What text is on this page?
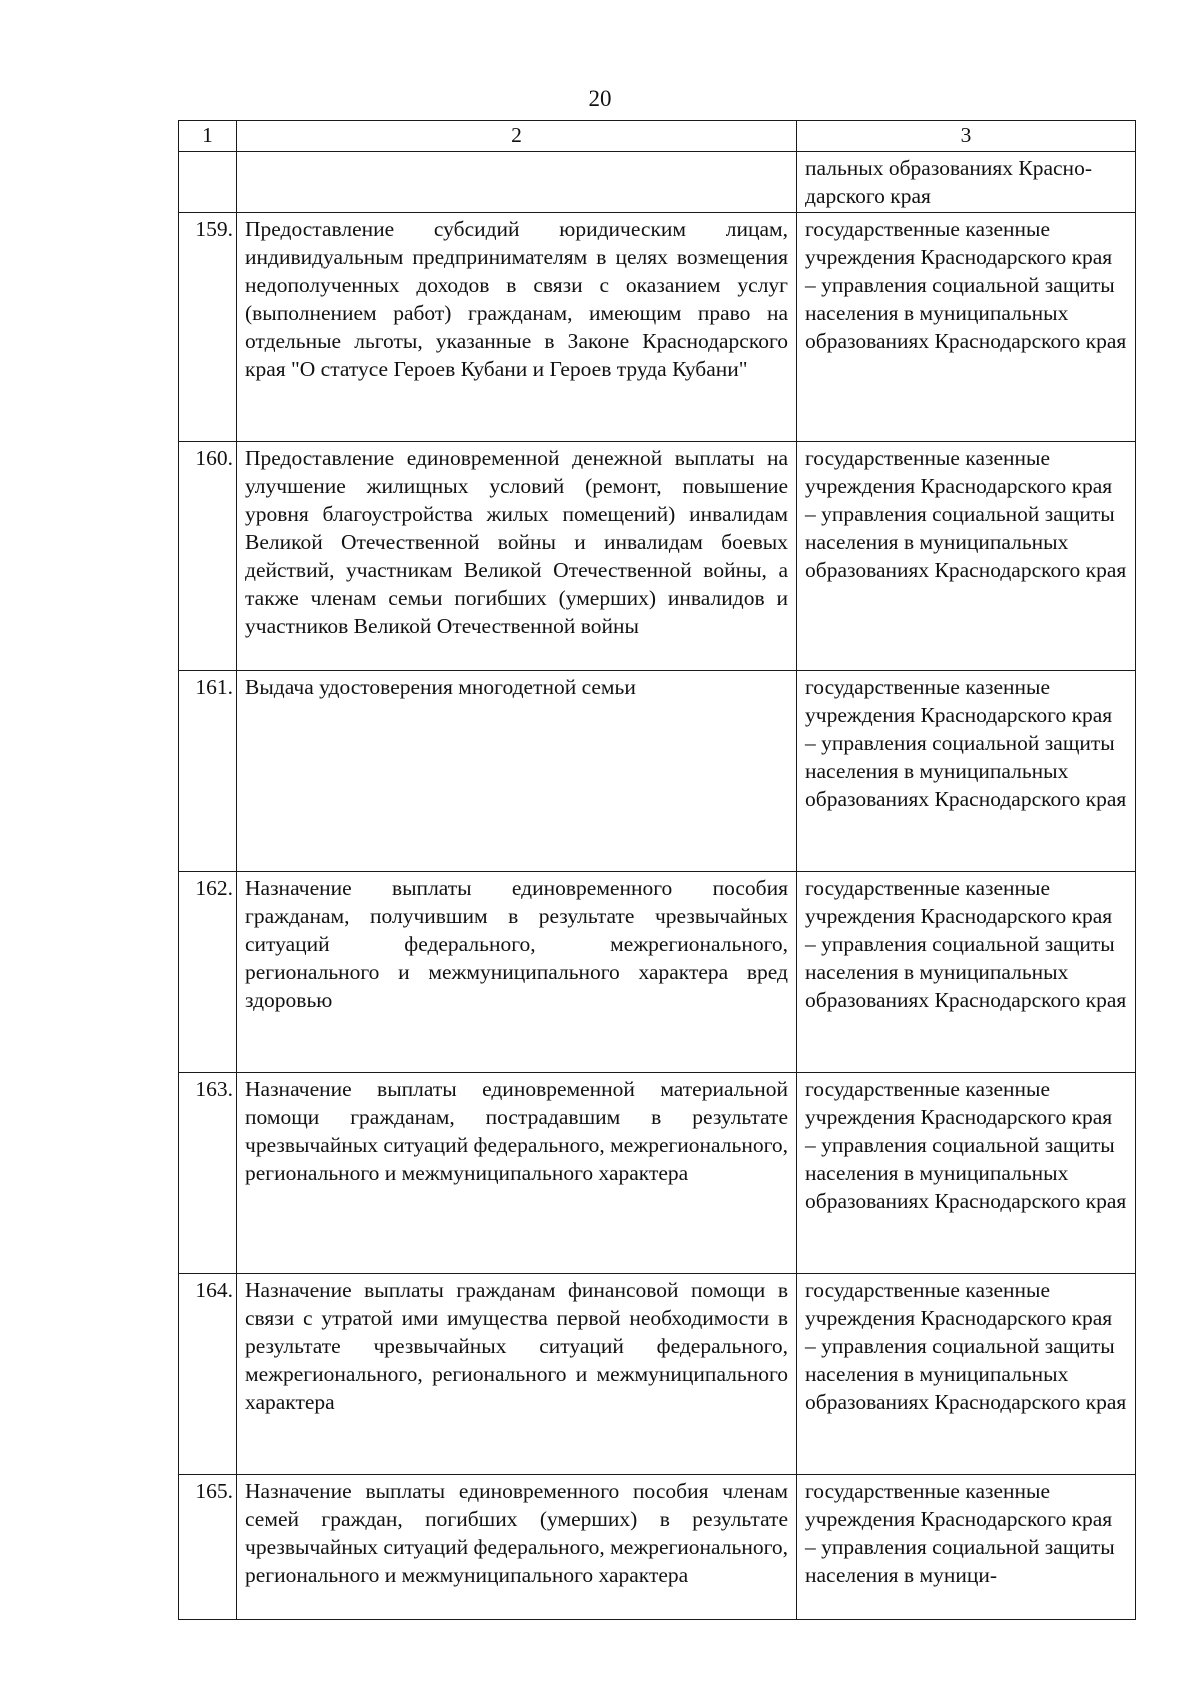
20
1	2	3
		пальных образованиях Красно-дарского края
159.	Предоставление субсидий юридическим лицам, индивидуальным предпринимателям в целях возмещения недополученных доходов в связи с оказанием услуг (выполнением работ) гражданам, имеющим право на отдельные льготы, указанные в Законе Краснодарского края "О статусе Героев Кубани и Героев труда Кубани"	государственные казенные учреждения Краснодарского края – управления социальной защиты населения в муниципальных образованиях Краснодарского края
160.	Предоставление единовременной денежной выплаты на улучшение жилищных условий (ремонт, повышение уровня благоустройства жилых помещений) инвалидам Великой Отечественной войны и инвалидам боевых действий, участникам Великой Отечественной войны, а также членам семьи погибших (умерших) инвалидов и участников Великой Отечественной войны	государственные казенные учреждения Краснодарского края – управления социальной защиты населения в муниципальных образованиях Краснодарского края
161.	Выдача удостоверения многодетной семьи	государственные казенные учреждения Краснодарского края – управления социальной защиты населения в муниципальных образованиях Краснодарского края
162.	Назначение выплаты единовременного пособия гражданам, получившим в результате чрезвычайных ситуаций федерального, межрегионального, регионального и межмуниципального характера вред здоровью	государственные казенные учреждения Краснодарского края – управления социальной защиты населения в муниципальных образованиях Краснодарского края
163.	Назначение выплаты единовременной материальной помощи гражданам, пострадавшим в результате чрезвычайных ситуаций федерального, межрегионального, регионального и межмуниципального характера	государственные казенные учреждения Краснодарского края – управления социальной защиты населения в муниципальных образованиях Краснодарского края
164.	Назначение выплаты гражданам финансовой помощи в связи с утратой ими имущества первой необходимости в результате чрезвычайных ситуаций федерального, межрегионального, регионального и межмуниципального характера	государственные казенные учреждения Краснодарского края – управления социальной защиты населения в муниципальных образованиях Краснодарского края
165.	Назначение выплаты единовременного пособия членам семей граждан, погибших (умерших) в результате чрезвычайных ситуаций федерального, межрегионального, регионального и межмуниципального характера	государственные казенные учреждения Краснодарского края – управления социальной защиты населения в муници-
